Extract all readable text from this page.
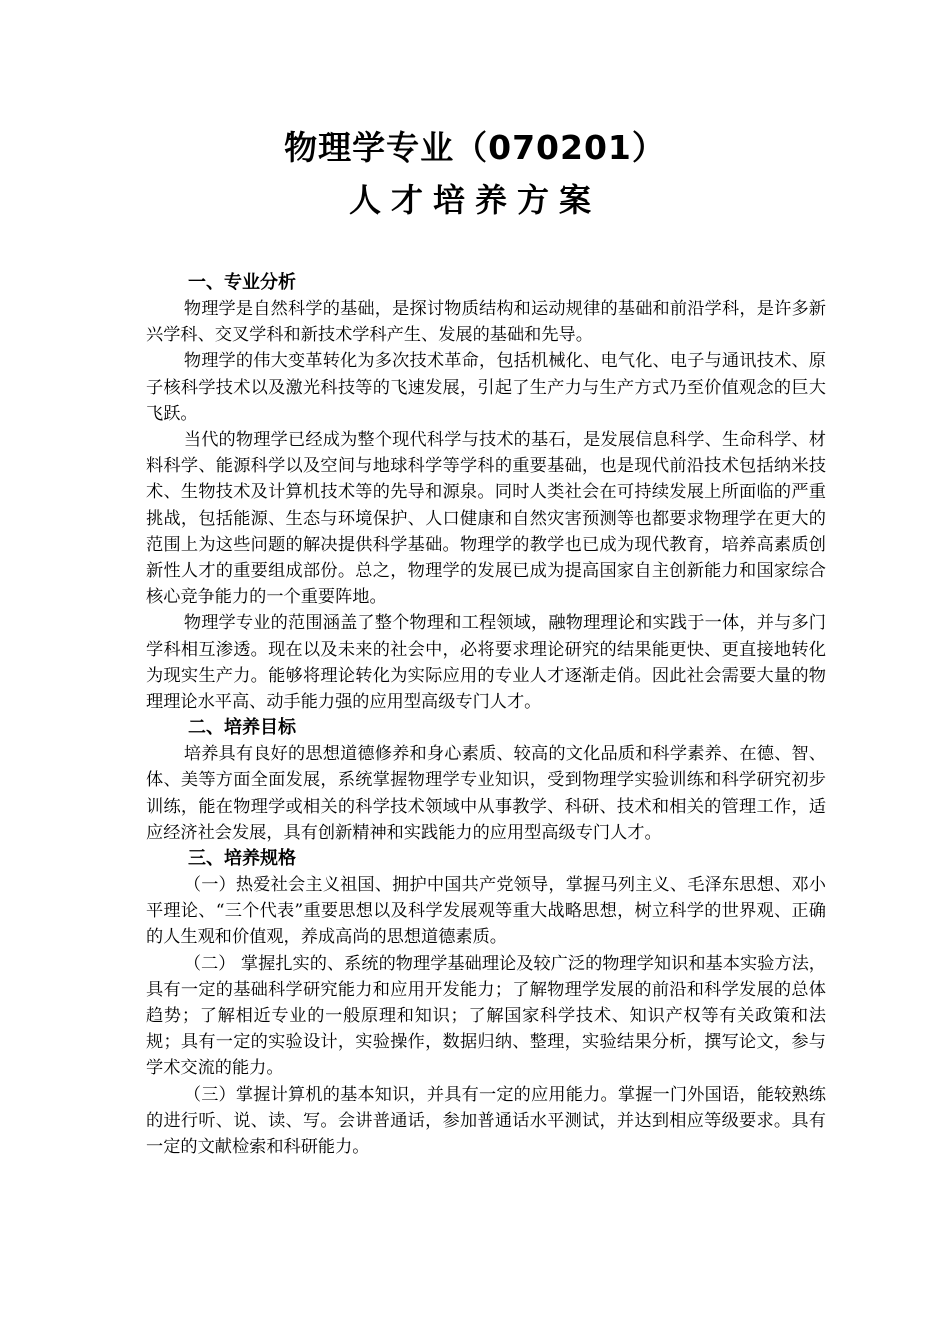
物理学专业（070201）
人才培养方案
一、专业分析

物理学是自然科学的基础，是探讨物质结构和运动规律的基础和前沿学科，是许多新兴学科、交叉学科和新技术学科产生、发展的基础和先导。

物理学的伟大变革转化为多次技术革命，包括机械化、电气化、电子与通讯技术、原子核科学技术以及激光科技等的飞速发展，引起了生产力与生产方式乃至价值观念的巨大飞跃。

当代的物理学已经成为整个现代科学与技术的基石，是发展信息科学、生命科学、材料科学、能源科学以及空间与地球科学等学科的重要基础，也是现代前沿技术包括纳米技术、生物技术及计算机技术等的先导和源泉。同时人类社会在可持续发展上所面临的严重挑战，包括能源、生态与环境保护、人口健康和自然灾害预测等也都要求物理学在更大的范围上为这些问题的解决提供科学基础。物理学的教学也已成为现代教育，培养高素质创新性人才的重要组成部份。总之，物理学的发展已成为提高国家自主创新能力和国家综合核心竞争能力的一个重要阵地。

物理学专业的范围涵盖了整个物理和工程领域，融物理理论和实践于一体，并与多门学科相互渗透。现在以及未来的社会中，必将要求理论研究的结果能更快、更直接地转化为现实生产力。能够将理论转化为实际应用的专业人才逐渐走俏。因此社会需要大量的物理理论水平高、动手能力强的应用型高级专门人才。

二、培养目标

培养具有良好的思想道德修养和身心素质、较高的文化品质和科学素养、在德、智、体、美等方面全面发展，系统掌握物理学专业知识，受到物理学实验训练和科学研究初步训练，能在物理学或相关的科学技术领域中从事教学、科研、技术和相关的管理工作，适应经济社会发展，具有创新精神和实践能力的应用型高级专门人才。

三、培养规格

（一）热爱社会主义祖国、拥护中国共产党领导，掌握马列主义、毛泽东思想、邓小平理论、“三个代表”重要思想以及科学发展观等重大战略思想，树立科学的世界观、正确的人生观和价值观，养成高尚的思想道德素质。

（二） 掌握扎实的、系统的物理学基础理论及较广泛的物理学知识和基本实验方法，具有一定的基础科学研究能力和应用开发能力；了解物理学发展的前沿和科学发展的总体趋势；了解相近专业的一般原理和知识；了解国家科学技术、知识产权等有关政策和法规；具有一定的实验设计，实验操作，数据归纳、整理，实验结果分析，撰写论文，参与学术交流的能力。

（三）掌握计算机的基本知识，并具有一定的应用能力。掌握一门外国语，能较熟练的进行听、说、读、写。会讲普通话，参加普通话水平测试，并达到相应等级要求。具有一定的文献检索和科研能力。
